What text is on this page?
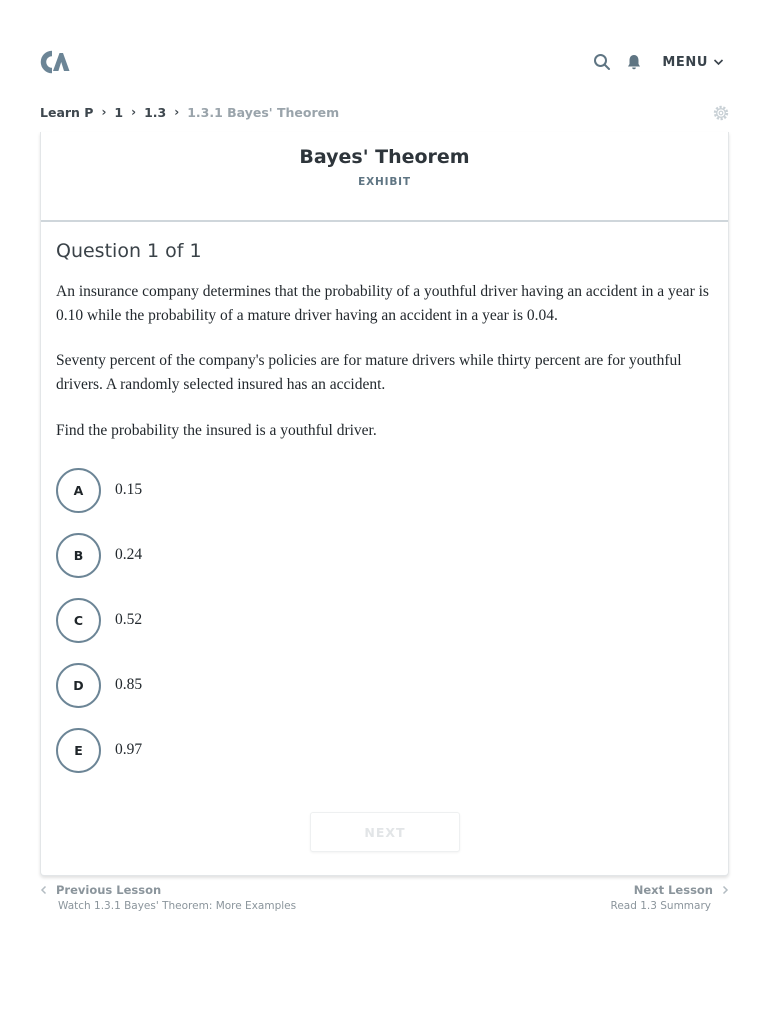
MENU
Learn P › 1 › 1.3 › 1.3.1 Bayes' Theorem
Bayes' Theorem
EXHIBIT
Question 1 of 1

An insurance company determines that the probability of a youthful driver having an accident in a year is 0.10 while the probability of a mature driver having an accident in a year is 0.04.

Seventy percent of the company's policies are for mature drivers while thirty percent are for youthful drivers. A randomly selected insured has an accident.

Find the probability the insured is a youthful driver.

A	0.15
B	0.24
C	0.52
D	0.85
E	0.97
NEXT
Previous Lesson
Watch 1.3.1 Bayes' Theorem: More Examples
Next Lesson
Read 1.3 Summary
